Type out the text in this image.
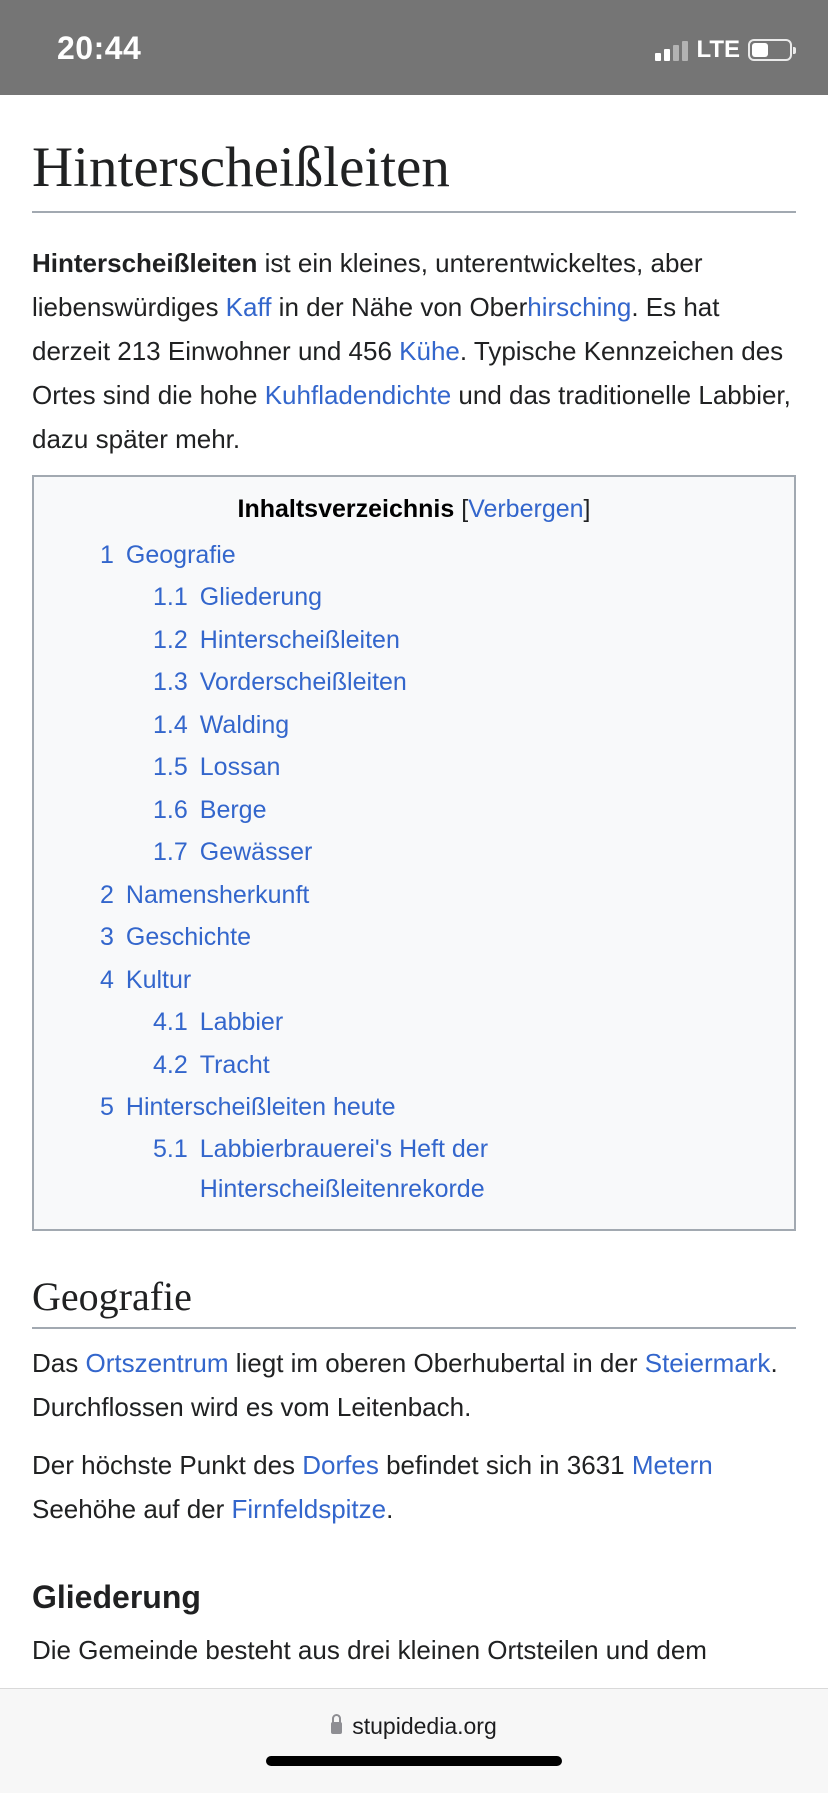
20:44	LTE
Hinterscheißleiten

Hinterscheißleiten ist ein kleines, unterentwickeltes, aber liebenswürdiges Kaff in der Nähe von Oberhirsching. Es hat derzeit 213 Einwohner und 456 Kühe. Typische Kennzeichen des Ortes sind die hohe Kuhfladendichte und das traditionelle Labbier, dazu später mehr.

Inhaltsverzeichnis [Verbergen]
1 Geografie
1.1 Gliederung
1.2 Hinterscheißleiten
1.3 Vorderscheißleiten
1.4 Walding
1.5 Lossan
1.6 Berge
1.7 Gewässer
2 Namensherkunft
3 Geschichte
4 Kultur
4.1 Labbier
4.2 Tracht
5 Hinterscheißleiten heute
5.1 Labbierbrauerei's Heft der Hinterscheißleitenrekorde
Geografie

Das Ortszentrum liegt im oberen Oberhubertal in der Steiermark. Durchflossen wird es vom Leitenbach.

Der höchste Punkt des Dorfes befindet sich in 3631 Metern Seehöhe auf der Firnfeldspitze.

Gliederung

Die Gemeinde besteht aus drei kleinen Ortsteilen und dem

stupidedia.org
